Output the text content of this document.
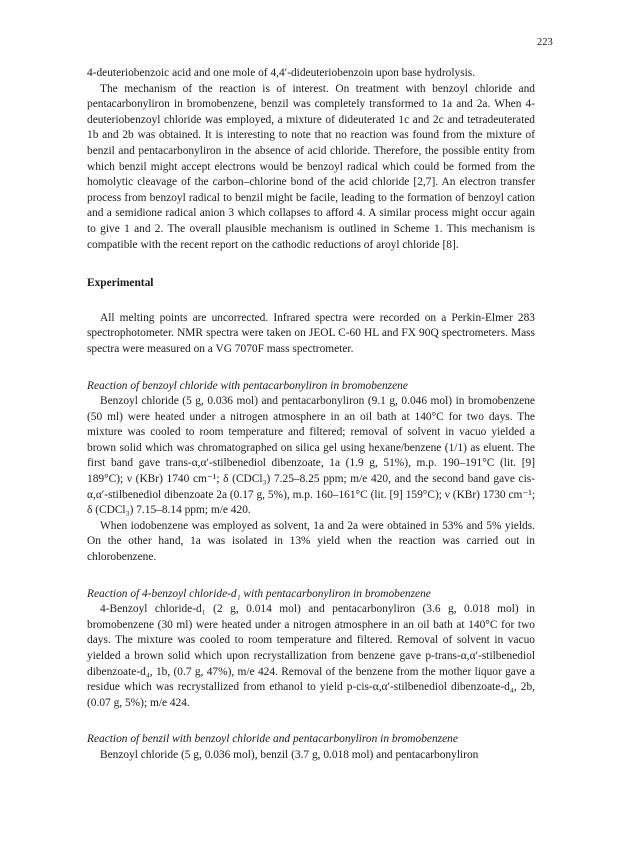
223

4-deuteriobenzoic acid and one mole of 4,4′-dideuteriobenzoin upon base hydrolysis.

The mechanism of the reaction is of interest. On treatment with benzoyl chloride and pentacarbonyliron in bromobenzene, benzil was completely transformed to 1a and 2a. When 4-deuteriobenzoyl chloride was employed, a mixture of dideuterated 1c and 2c and tetradeuterated 1b and 2b was obtained. It is interesting to note that no reaction was found from the mixture of benzil and pentacarbonyliron in the absence of acid chloride. Therefore, the possible entity from which benzil might accept electrons would be benzoyl radical which could be formed from the homolytic cleavage of the carbon–chlorine bond of the acid chloride [2,7]. An electron transfer process from benzoyl radical to benzil might be facile, leading to the formation of benzoyl cation and a semidione radical anion 3 which collapses to afford 4. A similar process might occur again to give 1 and 2. The overall plausible mechanism is outlined in Scheme 1. This mechanism is compatible with the recent report on the cathodic reductions of aroyl chloride [8].

Experimental

All melting points are uncorrected. Infrared spectra were recorded on a Perkin-Elmer 283 spectrophotometer. NMR spectra were taken on JEOL C-60 HL and FX 90Q spectrometers. Mass spectra were measured on a VG 7070F mass spectrometer.

Reaction of benzoyl chloride with pentacarbonyliron in bromobenzene

Benzoyl chloride (5 g, 0.036 mol) and pentacarbonyliron (9.1 g, 0.046 mol) in bromobenzene (50 ml) were heated under a nitrogen atmosphere in an oil bath at 140°C for two days. The mixture was cooled to room temperature and filtered; removal of solvent in vacuo yielded a brown solid which was chromatographed on silica gel using hexane/benzene (1/1) as eluent. The first band gave trans-α,α′-stilbenediol dibenzoate, 1a (1.9 g, 51%), m.p. 190–191°C (lit. [9] 189°C); ν (KBr) 1740 cm⁻¹; δ (CDCl₃) 7.25–8.25 ppm; m/e 420, and the second band gave cis-α,α′-stilbenediol dibenzoate 2a (0.17 g, 5%), m.p. 160–161°C (lit. [9] 159°C); ν (KBr) 1730 cm⁻¹; δ (CDCl₃) 7.15–8.14 ppm; m/e 420.

When iodobenzene was employed as solvent, 1a and 2a were obtained in 53% and 5% yields. On the other hand, 1a was isolated in 13% yield when the reaction was carried out in chlorobenzene.

Reaction of 4-benzoyl chloride-d₁ with pentacarbonyliron in bromobenzene

4-Benzoyl chloride-d₁ (2 g, 0.014 mol) and pentacarbonyliron (3.6 g, 0.018 mol) in bromobenzene (30 ml) were heated under a nitrogen atmosphere in an oil bath at 140°C for two days. The mixture was cooled to room temperature and filtered. Removal of solvent in vacuo yielded a brown solid which upon recrystallization from benzene gave p-trans-α,α′-stilbenediol dibenzoate-d₄, 1b, (0.7 g, 47%), m/e 424. Removal of the benzene from the mother liquor gave a residue which was recrystallized from ethanol to yield p-cis-α,α′-stilbenediol dibenzoate-d₄, 2b, (0.07 g, 5%); m/e 424.

Reaction of benzil with benzoyl chloride and pentacarbonyliron in bromobenzene

Benzoyl chloride (5 g, 0.036 mol), benzil (3.7 g, 0.018 mol) and pentacarbonyliron
